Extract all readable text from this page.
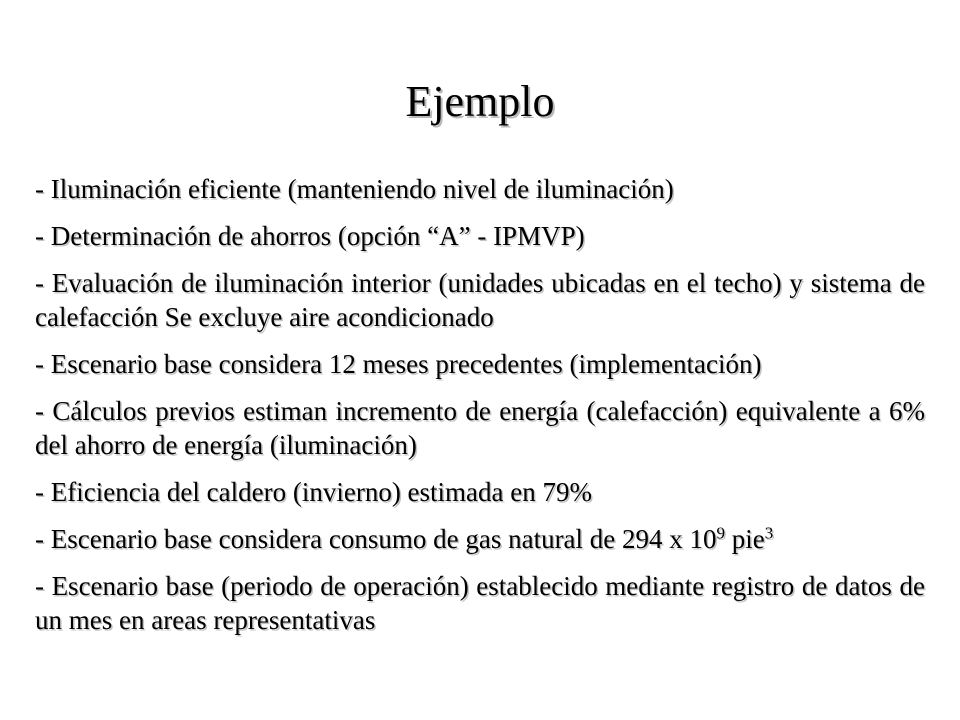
Ejemplo
- Iluminación eficiente (manteniendo nivel de iluminación)
- Determinación de ahorros (opción “A” - IPMVP)
- Evaluación de iluminación interior (unidades ubicadas en el techo) y sistema de calefacción Se excluye aire acondicionado
- Escenario base considera 12 meses precedentes (implementación)
- Cálculos previos estiman incremento de energía (calefacción) equivalente a 6% del ahorro de energía (iluminación)
- Eficiencia del caldero (invierno) estimada en 79%
- Escenario base considera consumo de gas natural de 294 x $10^9$ pie$^3$
- Escenario base (periodo de operación) establecido mediante registro de datos de un mes en areas representativas
